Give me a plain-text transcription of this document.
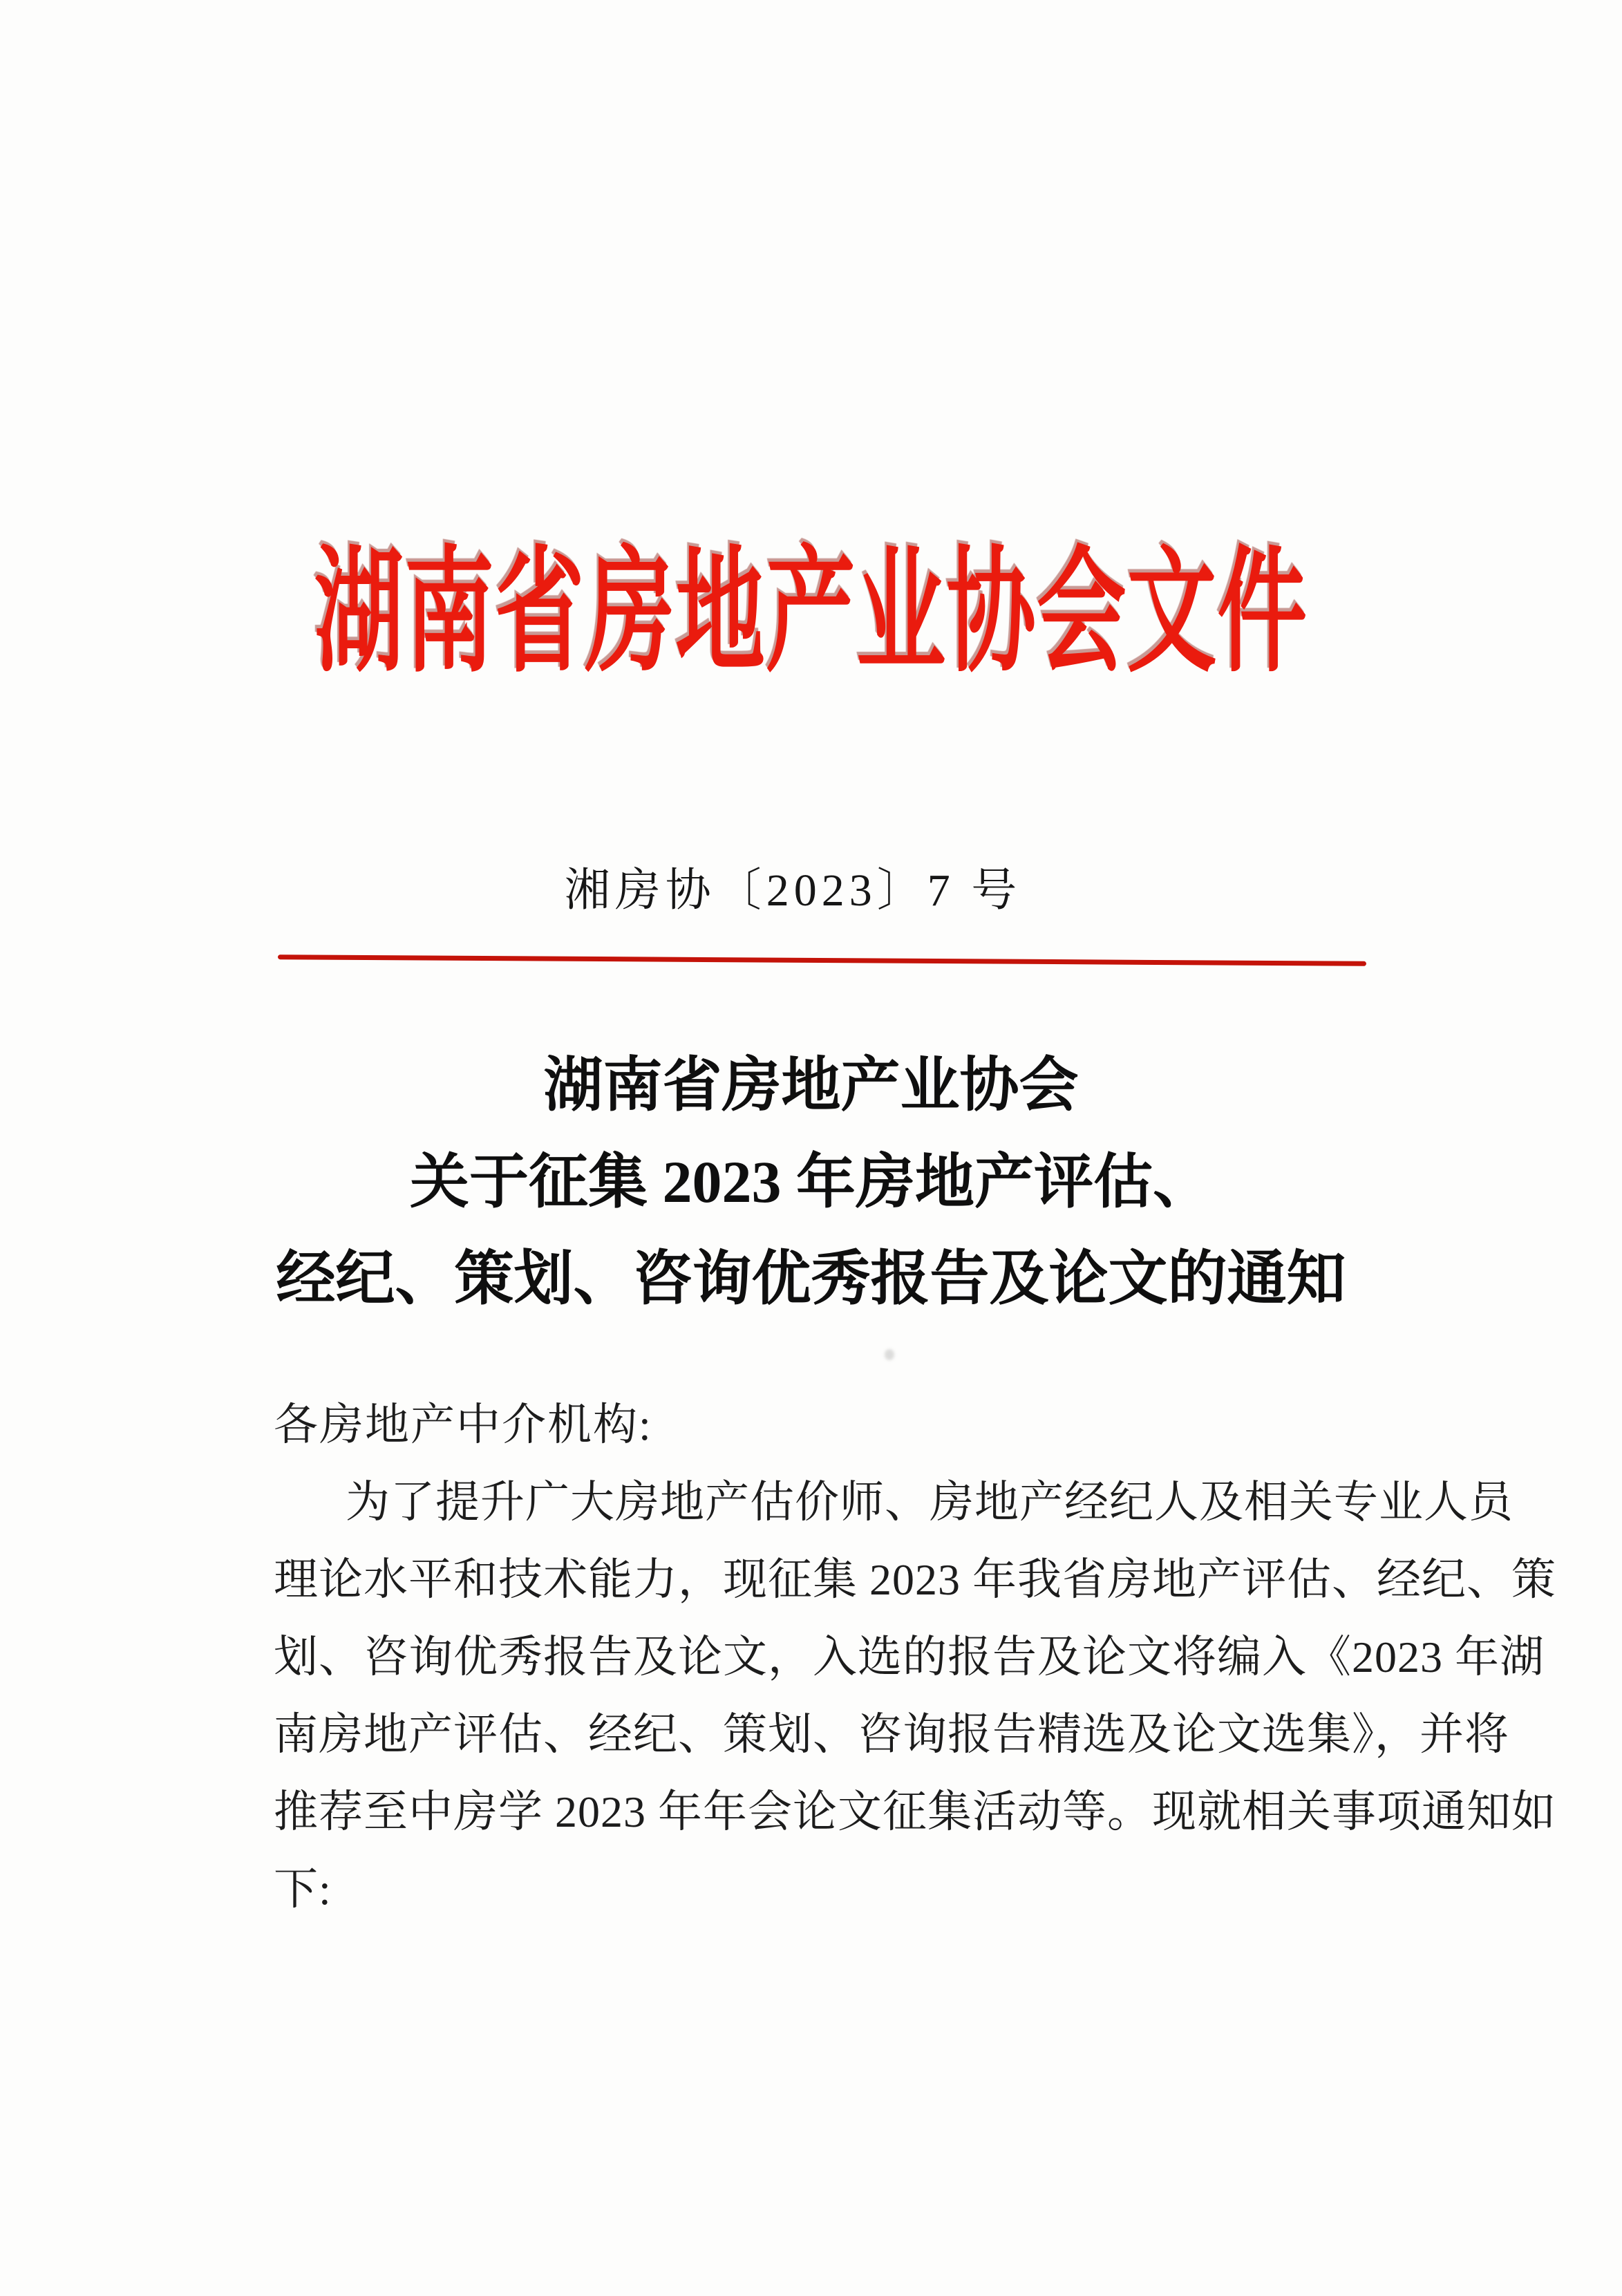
湖南省房地产业协会文件
湘房协〔2023〕7 号
湖南省房地产业协会
关于征集 2023 年房地产评估、
经纪、策划、咨询优秀报告及论文的通知
各房地产中介机构:
为了提升广大房地产估价师、房地产经纪人及相关专业人员
理论水平和技术能力，现征集 2023 年我省房地产评估、经纪、策
划、咨询优秀报告及论文，入选的报告及论文将编入《2023 年湖
南房地产评估、经纪、策划、咨询报告精选及论文选集》，并将
推荐至中房学 2023 年年会论文征集活动等。现就相关事项通知如
下:
